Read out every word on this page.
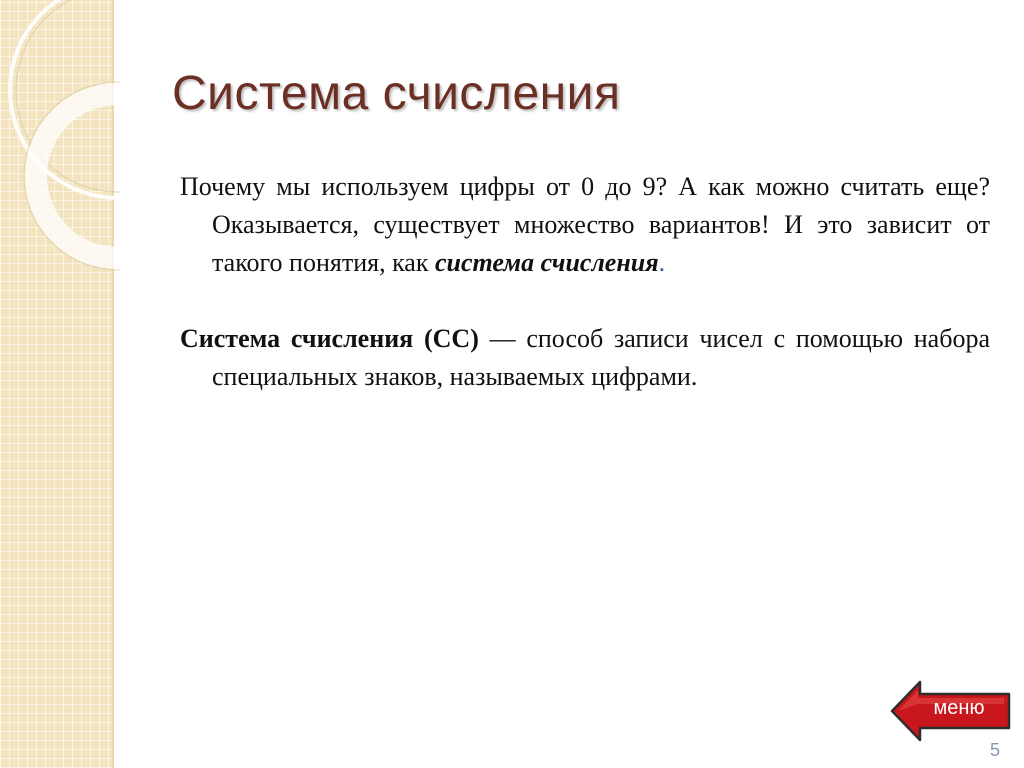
Система счисления

Почему мы используем цифры от 0 до 9? А как можно считать еще? Оказывается, существует множество вариантов! И это зависит от такого понятия, как система счисления.

Система счисления (СС) — способ записи чисел с помощью набора специальных знаков, называемых цифрами.

меню
5
